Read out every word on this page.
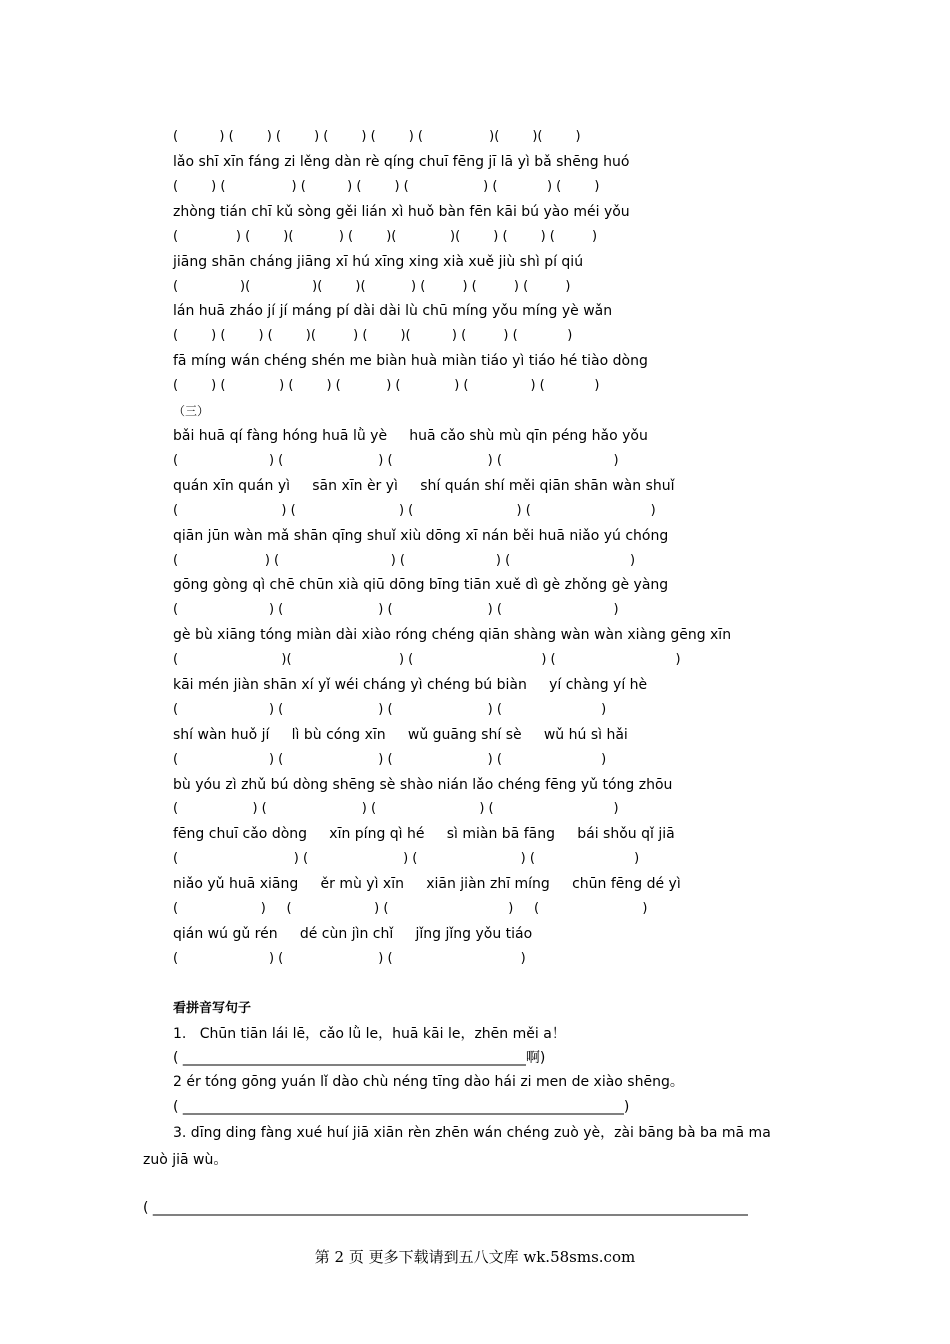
(          ) (        ) (        ) (        ) (        ) (                )(        )(        )
lǎo shī xīn fáng zi lěng dàn rè qíng chuī fēng jī lā yì bǎ shēng huó
(        ) (                ) (          ) (        ) (                  ) (            ) (        )
zhòng tián chī kǔ sòng gěi lián xì huǒ bàn fēn kāi bú yào méi yǒu
(              ) (        )(           ) (        )(             )(        ) (        ) (         )
jiāng shān cháng jiāng xī hú xīng xing xià xuě jiù shì pí qiú
(               )(               )(        )(           ) (         ) (         ) (         )
lán huā zháo jí jí máng pí dài dài lù chū míng yǒu míng yè wǎn
(        ) (        ) (        )(         ) (        )(          ) (         ) (            )
fā míng wán chéng shén me biàn huà miàn tiáo yì tiáo hé tiào dòng
(        ) (             ) (        ) (           ) (             ) (               ) (            )
（三）
bǎi huā qí fàng hóng huā lǜ yè     huā cǎo shù mù qīn péng hǎo yǒu
(                      ) (                       ) (                       ) (                           )
quán xīn quán yì     sān xīn èr yì     shí quán shí měi qiān shān wàn shuǐ
(                         ) (                         ) (                         ) (                             )
qiān jūn wàn mǎ shān qīng shuǐ xiù dōng xī nán běi huā niǎo yú chóng
(                     ) (                           ) (                      ) (                             )
gōng gòng qì chē chūn xià qiū dōng bīng tiān xuě dì gè zhǒng gè yàng
(                      ) (                       ) (                       ) (                           )
gè bù xiāng tóng miàn dài xiào róng chéng qiān shàng wàn wàn xiàng gēng xīn
(                         )(                          ) (                               ) (                             )
kāi mén jiàn shān xí yǐ wéi cháng yì chéng bú biàn     yí chàng yí hè
(                      ) (                       ) (                       ) (                        )
shí wàn huǒ jí     lì bù cóng xīn     wǔ guāng shí sè     wǔ hú sì hǎi
(                      ) (                       ) (                       ) (                        )
bù yóu zì zhǔ bú dòng shēng sè shào nián lǎo chéng fēng yǔ tóng zhōu
(                  ) (                       ) (                         ) (                             )
fēng chuī cǎo dòng     xīn píng qì hé     sì miàn bā fāng     bái shǒu qǐ jiā
(                            ) (                       ) (                         ) (                        )
niǎo yǔ huā xiāng     ěr mù yì xīn     xiān jiàn zhī míng     chūn fēng dé yì
(                    )     (                    ) (                             )     (                         )
qián wú gǔ rén     dé cùn jìn chǐ     jǐng jǐng yǒu tiáo
(                      ) (                       ) (                               )
看拼音写句子
1.   Chūn tiān lái lē，cǎo lǜ le，huā kāi le，zhēn měi a！
( _________________________________________________啊)
2 ér tóng gōng yuán lǐ dào chù néng tīng dào hái zi men de xiào shēng。
( _______________________________________________________________)
3. dīng ding fàng xué huí jiā xiān rèn zhēn wán chéng zuò yè，zài bāng bà ba mā ma
zuò jiā wù。
( _____________________________________________________________________________________
第 2 页 更多下载请到五八文库 wk.58sms.com
